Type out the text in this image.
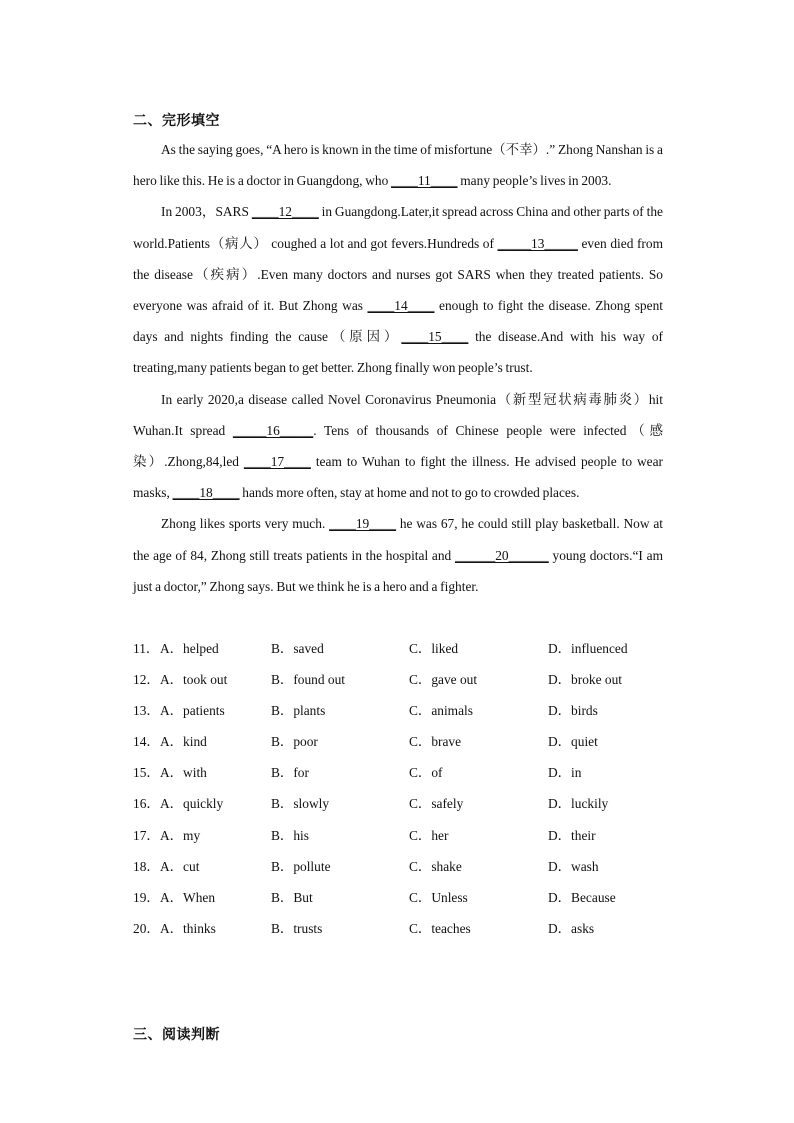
二、完形填空

As the saying goes, “A hero is known in the time of misfortune（不幸）.” Zhong Nanshan is a hero like this. He is a doctor in Guangdong, who ____11____ many people’s lives in 2003.

In 2003，SARS ____12____ in Guangdong.Later,it spread across China and other parts of the world.Patients（病人） coughed a lot and got fevers.Hundreds of _____13_____ even died from the disease（疾病）.Even many doctors and nurses got SARS when they treated patients. So everyone was afraid of it. But Zhong was ____14____ enough to fight the disease. Zhong spent days and nights finding the cause（原因）____15____ the disease.And with his way of treating,many patients began to get better. Zhong finally won people’s trust.

In early 2020,a disease called Novel Coronavirus Pneumonia（新型冠状病毒肺炎）hit Wuhan.It spread _____16_____. Tens of thousands of Chinese people were infected（感染）.Zhong,84,led ____17____ team to Wuhan to fight the illness. He advised people to wear masks, ____18____ hands more often, stay at home and not to go to crowded places.

Zhong likes sports very much. ____19____ he was 67, he could still play basketball. Now at the age of 84, Zhong still treats patients in the hospital and ______20______ young doctors.“I am just a doctor,” Zhong says. But we think he is a hero and a fighter.

11． A．helped	B．saved	C．liked	D．influenced
12． A．took out	B．found out	C．gave out	D．broke out
13． A．patients	B．plants	C．animals	D．birds
14． A．kind	B．poor	C．brave	D．quiet
15． A．with	B．for	C．of	D．in
16． A．quickly	B．slowly	C．safely	D．luckily
17． A．my	B．his	C．her	D．their
18． A．cut	B．pollute	C．shake	D．wash
19． A．When	B．But	C．Unless	D．Because
20． A．thinks	B．trusts	C．teaches	D．asks
三、阅读判断
